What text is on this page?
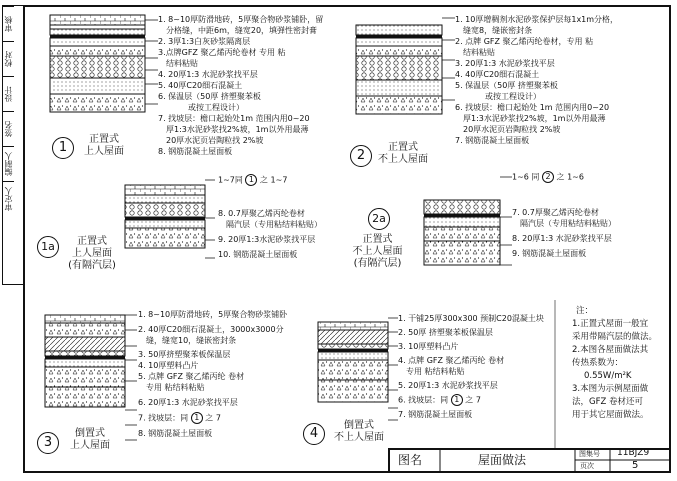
审核
校对
设计
签名
编制人
审定人
1
正置式
上人屋面
1. 8~10厚防滑地砖，5厚聚合物砂浆铺卧，留
分格缝，中距6m，缝宽20，填弹性密封膏
2. 3厚1:3白灰砂浆隔离层
3.点牌GFZ 聚乙烯丙纶卷材 专用 粘
结料粘贴
4. 20厚1:3 水泥砂浆找平层
5. 40厚C20细石混凝土
6. 保温层（50厚 挤塑聚苯板
或按工程设计）
7. 找坡层：檐口起始处1m 范围内用0~20
厚1:3水泥砂浆找2%坡，1m以外用最薄
20厚水泥页岩陶粒找 2%坡
8. 钢筋混凝土屋面板	2
正置式
不上人屋面
1. 10厚增稠剂水泥砂浆保护层每1x1m分格，
缝宽8，缝嵌密封条
2. 点牌 GFZ 聚乙烯丙纶卷材，专用 粘
结料粘贴
3. 20厚1:3 水泥砂浆找平层
4. 40厚C20细石混凝土
5. 保温层（50厚 挤塑聚苯板
或按工程设计）
6. 找坡层：檐口起始处 1m 范围内用0~20
厚1:3水泥砂浆找2%坡，1m以外用最薄
20厚水泥页岩陶粒找 2%坡
7. 钢筋混凝土屋面板
1a	正置式
上人屋面
(有隔汽层)
1~7同 1 之 1~7
8. 0.7厚聚乙烯丙纶卷材
隔汽层（专用粘结料粘贴）
9. 20厚1:3水泥砂浆找平层
10. 钢筋混凝土屋面板
2a
正置式
不上人屋面
(有隔汽层)
1~6 同 2 之 1~6
7. 0.7厚聚乙烯丙纶卷材
隔汽层（专用粘结料粘贴）
8. 20厚1:3 水泥砂浆找平层
9. 钢筋混凝土屋面板
3
倒置式
上人屋面
1. 8~10厚防滑地砖，5厚聚合物砂浆铺卧
2. 40厚C20细石混凝土，3000x3000分
缝，缝宽10，缝嵌密封条
3. 50厚挤塑聚苯板保温层
4. 10厚塑料凸片
5. 点牌 GFZ 聚乙烯丙纶 卷材
专用 粘结料粘贴
6. 20厚1:3 水泥砂浆找平层
7. 找坡层：同 1 之 7
8. 钢筋混凝土屋面板	4
倒置式
不上人屋面
1. 干铺25厚300x300 预制C20混凝土块
2. 50厚 挤塑聚苯板保温层
3. 10厚塑料凸片
4. 点牌 GFZ 聚乙烯丙纶 卷材
专用 粘结料粘贴
5. 20厚1:3 水泥砂浆找平层
6. 找坡层：同 1 之 7
7. 钢筋混凝土屋面板
注：
1.正置式屋面一般宜
采用带隔汽层的做法。
2.本图各屋面做法其
传热系数为：
0.55W/m²K
3.本图为示例屋面做
法，GFZ 卷材还可
用于其它屋面做法。
图名	屋面做法	图集号 11BJZ9
页次	5
